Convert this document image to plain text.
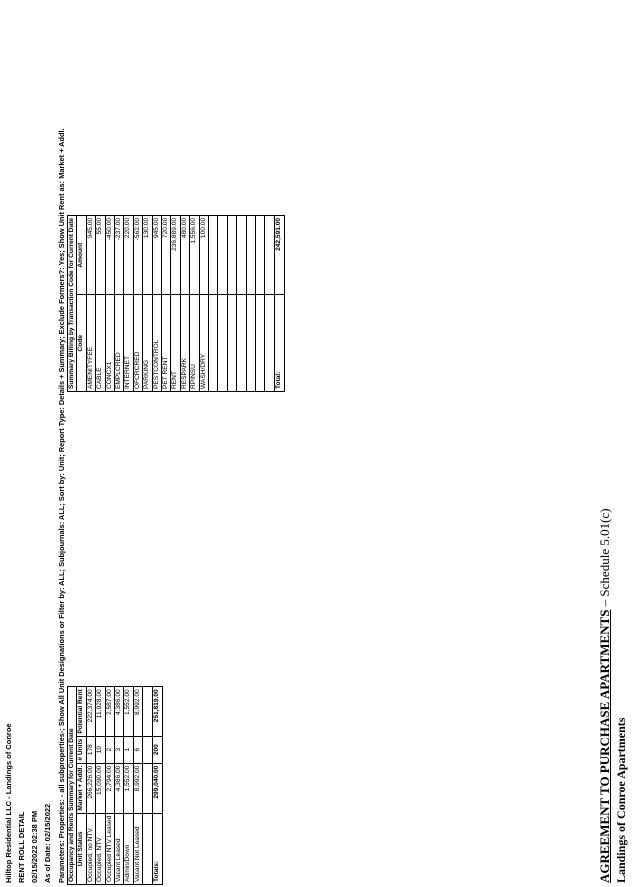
Hilltop Residential LLC - Landings of Conroe RENT ROLL DETAIL 02/15/2022 02:38 PM As of Date: 02/15/2022 Parameters: Properties: - all subproperties-; Show All Unit Designations or Filter by: ALL; Subjournals: ALL; Sort by: Unit; Report Type: Details + Summary; Exclude Formers?: Yes; Show Unit Rent as: Market + Addl. Occupancy and Rents Summary for Current Date			
Unit Status	Market + Addl.	# Units	Potential Rent
Occupied, no NTV	266,226.00	178	222,374.00
Occupied, NTV	15,090.00	10	11,928.00
Occupied NTV Leased	2,794.00	2	2,587.00
Vacant Leased	4,386.00	3	4,386.00
Admin/Down	1,552.00	1	1,552.00
Vacant Not Leased	8,992.00	6	8,992.00

Totals:	299,040.00	200	251,819.00
Summary Billing by Transaction Code for Current Date	
Code	Amount
AMENITYFEE	945.00
CABLE	55.00
CONCX1	-450.00
EMPLCRED	-237.00
INTERNET	220.00
OFCRCRED	-562.00
PARKING	130.00
PESTCONTROL	945.00
PET RENT	720.00
RENT	236,889.00
RESPARK	480.00
RPINSU	1,556.00
WASH/DRY	100.00

Total:	242,591.00
AGREEMENT TO PURCHASE APARTMENTS – Schedule 5.01(c)
Landings of Conroe Apartments
